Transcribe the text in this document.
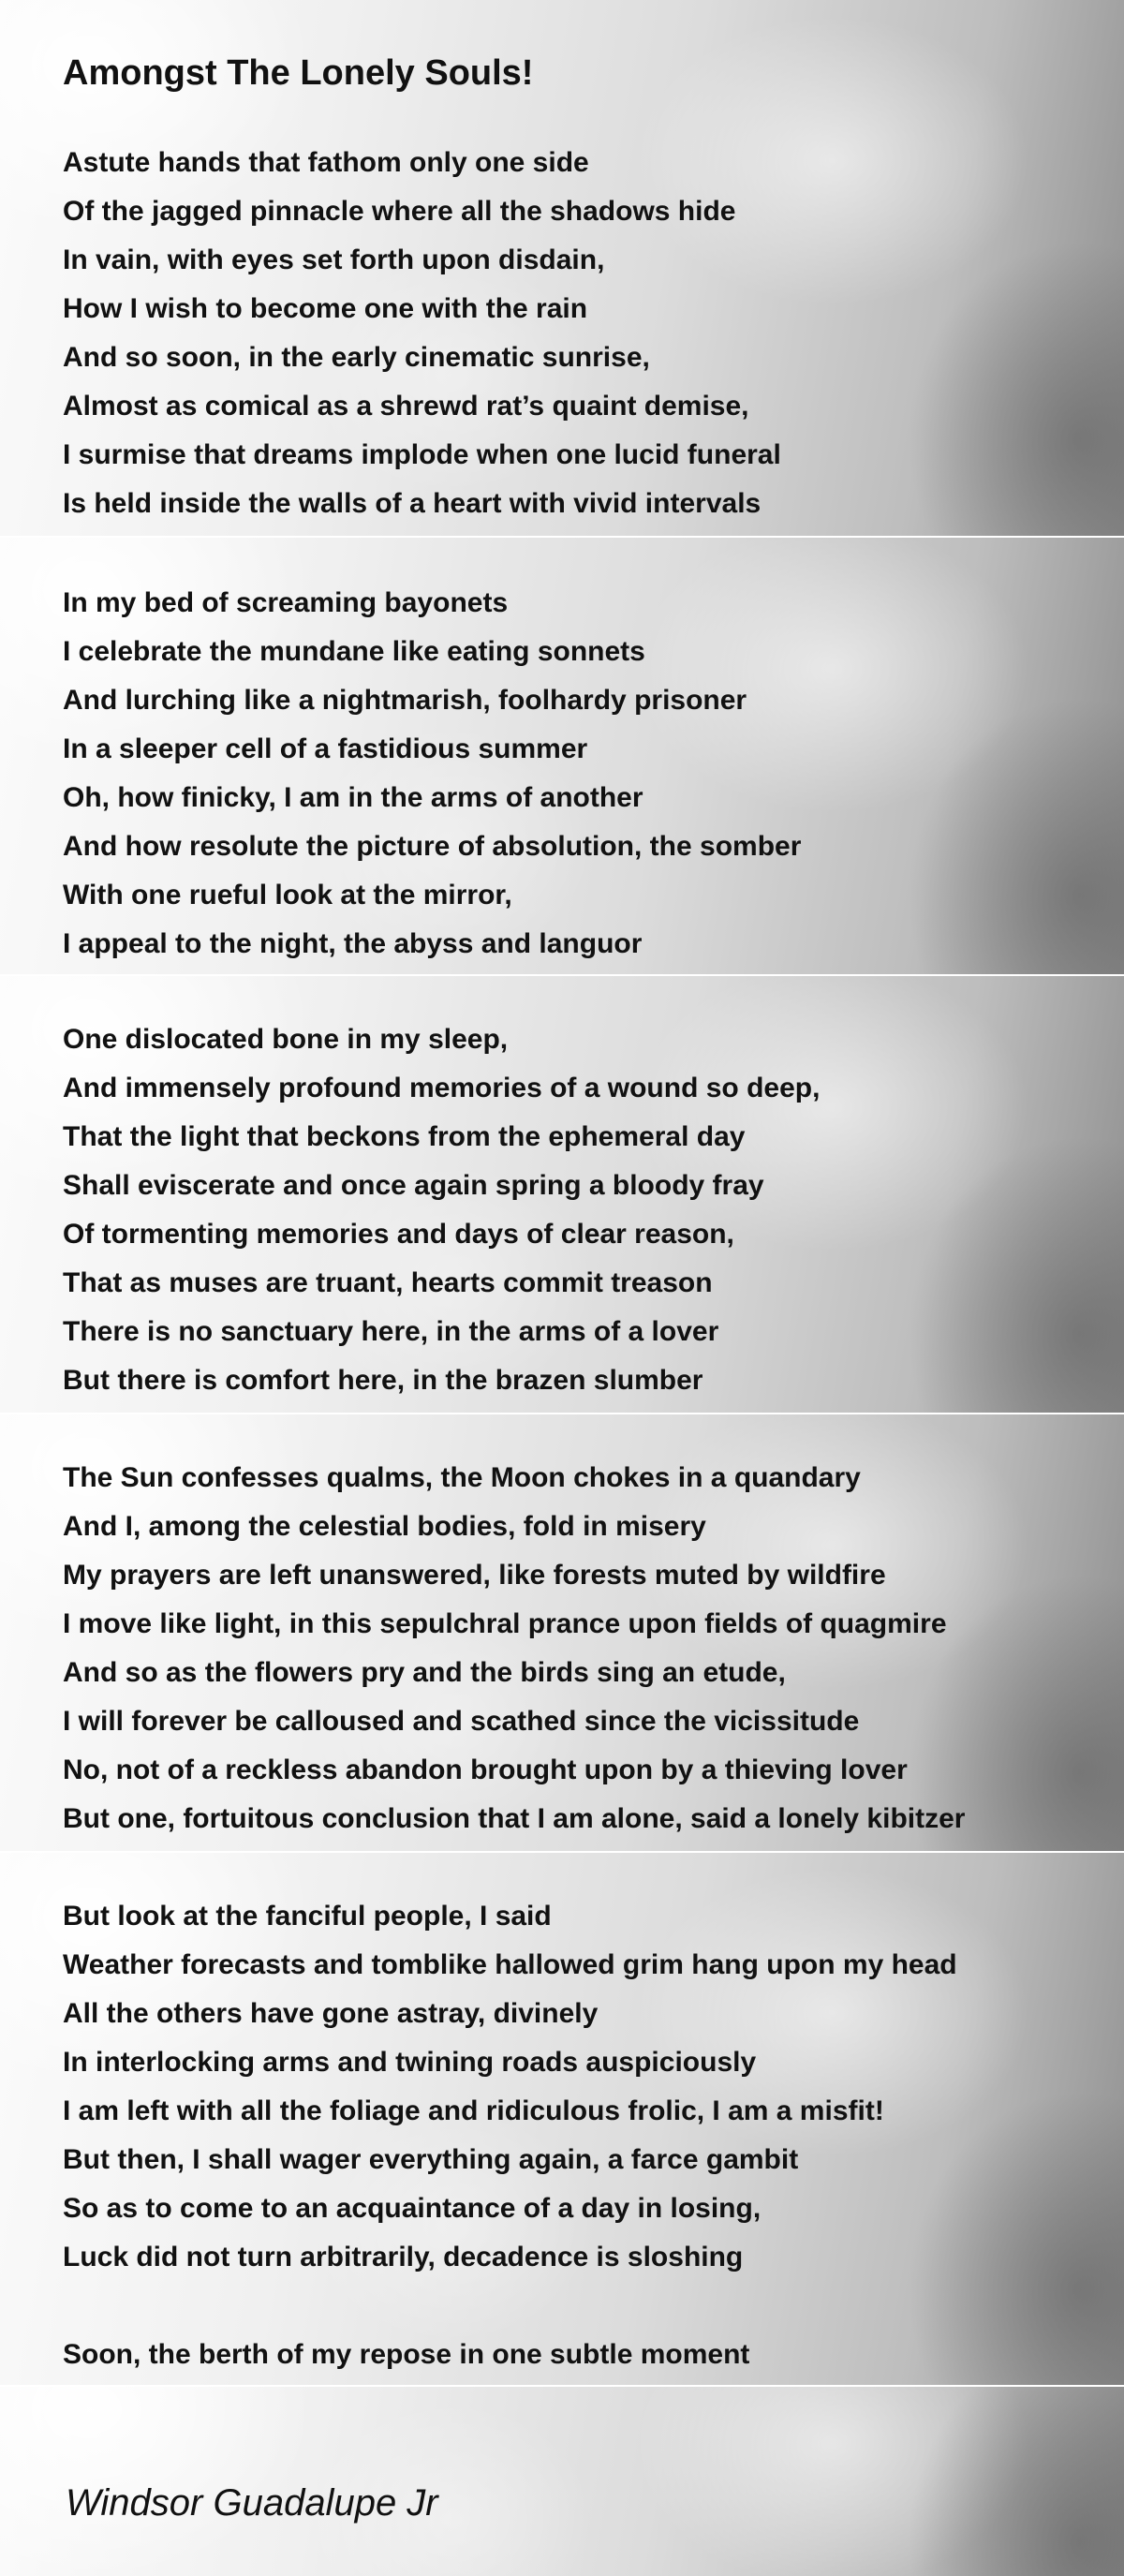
Amongst The Lonely Souls!
Astute hands that fathom only one side
Of the jagged pinnacle where all the shadows hide
In vain, with eyes set forth upon disdain,
How I wish to become one with the rain
And so soon, in the early cinematic sunrise,
Almost as comical as a shrewd rat’s quaint demise,
I surmise that dreams implode when one lucid funeral
Is held inside the walls of a heart with vivid intervals
In my bed of screaming bayonets
I celebrate the mundane like eating sonnets
And lurching like a nightmarish, foolhardy prisoner
In a sleeper cell of a fastidious summer
Oh, how finicky, I am in the arms of another
And how resolute the picture of absolution, the somber
With one rueful look at the mirror,
I appeal to the night, the abyss and languor
One dislocated bone in my sleep,
And immensely profound memories of a wound so deep,
That the light that beckons from the ephemeral day
Shall eviscerate and once again spring a bloody fray
Of tormenting memories and days of clear reason,
That as muses are truant, hearts commit treason
There is no sanctuary here, in the arms of a lover
But there is comfort here, in the brazen slumber
The Sun confesses qualms, the Moon chokes in a quandary
And I, among the celestial bodies, fold in misery
My prayers are left unanswered, like forests muted by wildfire
I move like light, in this sepulchral prance upon fields of quagmire
And so as the flowers pry and the birds sing an etude,
I will forever be calloused and scathed since the vicissitude
No, not of a reckless abandon brought upon by a thieving lover
But one, fortuitous conclusion that I am alone, said a lonely kibitzer
But look at the fanciful people, I said
Weather forecasts and tomblike hallowed grim hang upon my head
All the others have gone astray, divinely
In interlocking arms and twining roads auspiciously
I am left with all the foliage and ridiculous frolic, I am a misfit!
But then, I shall wager everything again, a farce gambit
So as to come to an acquaintance of a day in losing,
Luck did not turn arbitrarily, decadence is sloshing
Soon, the berth of my repose in one subtle moment

Windsor Guadalupe Jr
